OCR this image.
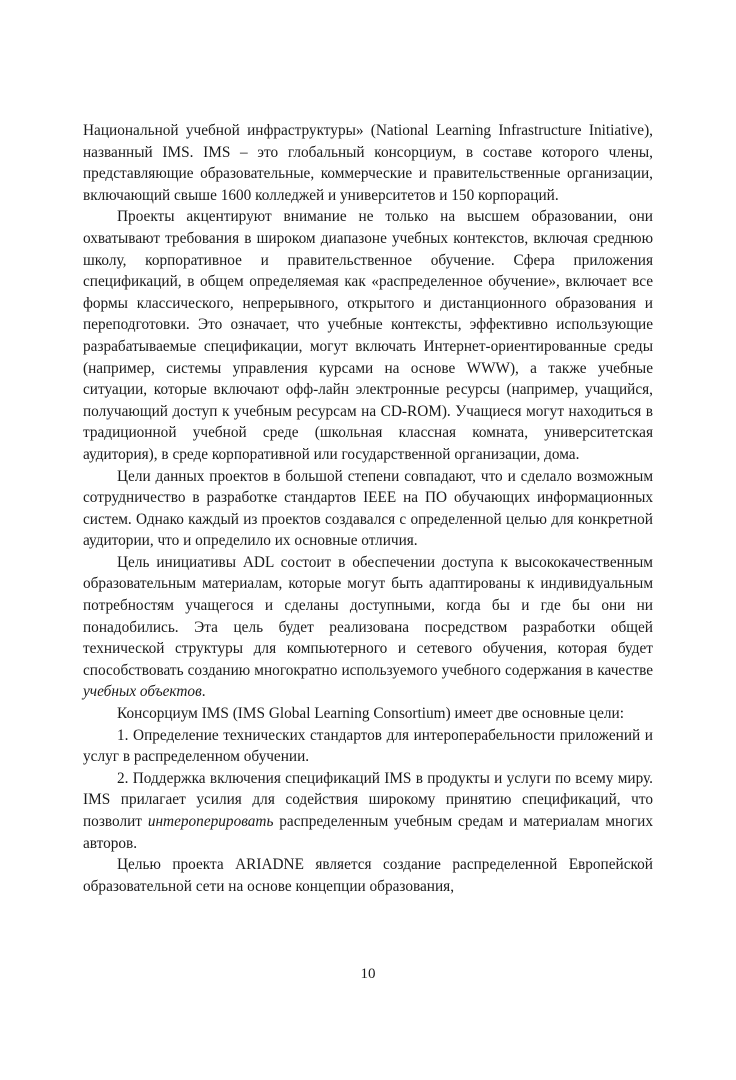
Национальной учебной инфраструктуры» (National Learning Infrastructure Initiative), названный IMS. IMS – это глобальный консорциум, в составе которого члены, представляющие образовательные, коммерческие и правительственные организации, включающий свыше 1600 колледжей и университетов и 150 корпораций.

Проекты акцентируют внимание не только на высшем образовании, они охватывают требования в широком диапазоне учебных контекстов, включая среднюю школу, корпоративное и правительственное обучение. Сфера приложения спецификаций, в общем определяемая как «распределенное обучение», включает все формы классического, непрерывного, открытого и дистанционного образования и переподготовки. Это означает, что учебные контексты, эффективно использующие разрабатываемые спецификации, могут включать Интернет-ориентированные среды (например, системы управления курсами на основе WWW), а также учебные ситуации, которые включают офф-лайн электронные ресурсы (например, учащийся, получающий доступ к учебным ресурсам на CD-ROM). Учащиеся могут находиться в традиционной учебной среде (школьная классная комната, университетская аудитория), в среде корпоративной или государственной организации, дома.

Цели данных проектов в большой степени совпадают, что и сделало возможным сотрудничество в разработке стандартов IEEE на ПО обучающих информационных систем. Однако каждый из проектов создавался с определенной целью для конкретной аудитории, что и определило их основные отличия.

Цель инициативы ADL состоит в обеспечении доступа к высококачественным образовательным материалам, которые могут быть адаптированы к индивидуальным потребностям учащегося и сделаны доступными, когда бы и где бы они ни понадобились. Эта цель будет реализована посредством разработки общей технической структуры для компьютерного и сетевого обучения, которая будет способствовать созданию многократно используемого учебного содержания в качестве учебных объектов.

Консорциум IMS (IMS Global Learning Consortium) имеет две основные цели:

1. Определение технических стандартов для интероперабельности приложений и услуг в распределенном обучении.

2. Поддержка включения спецификаций IMS в продукты и услуги по всему миру. IMS прилагает усилия для содействия широкому принятию спецификаций, что позволит интероперировать распределенным учебным средам и материалам многих авторов.

Целью проекта ARIADNE является создание распределенной Европейской образовательной сети на основе концепции образования,

10
